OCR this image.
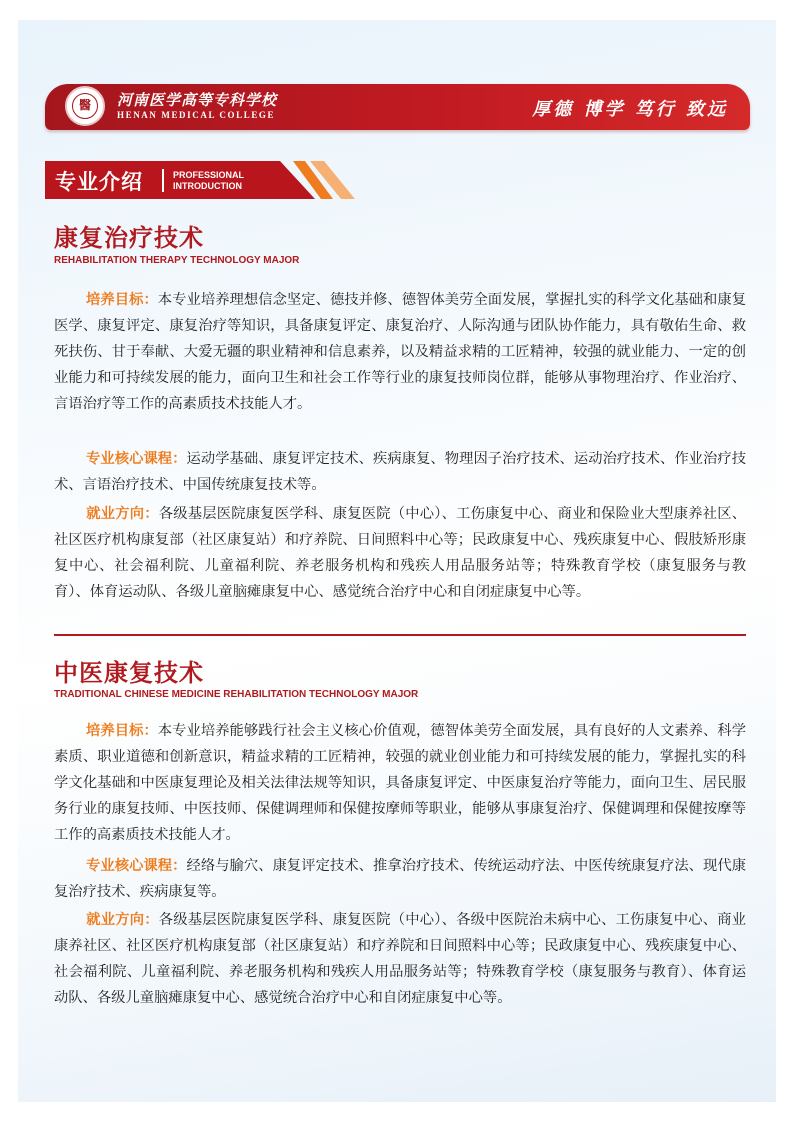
醫	河南医学高等专科学校
HENAN MEDICAL COLLEGE	厚德 博学 笃行 致远
专业介绍	PROFESSIONAL
INTRODUCTION
康复治疗技术
REHABILITATION THERAPY TECHNOLOGY MAJOR
培养目标：本专业培养理想信念坚定、德技并修、德智体美劳全面发展，掌握扎实的科学文化基础和康复医学、康复评定、康复治疗等知识，具备康复评定、康复治疗、人际沟通与团队协作能力，具有敬佑生命、救死扶伤、甘于奉献、大爱无疆的职业精神和信息素养，以及精益求精的工匠精神，较强的就业能力、一定的创业能力和可持续发展的能力，面向卫生和社会工作等行业的康复技师岗位群，能够从事物理治疗、作业治疗、言语治疗等工作的高素质技术技能人才。
专业核心课程：运动学基础、康复评定技术、疾病康复、物理因子治疗技术、运动治疗技术、作业治疗技术、言语治疗技术、中国传统康复技术等。
就业方向：各级基层医院康复医学科、康复医院（中心）、工伤康复中心、商业和保险业大型康养社区、社区医疗机构康复部（社区康复站）和疗养院、日间照料中心等；民政康复中心、残疾康复中心、假肢矫形康复中心、社会福利院、儿童福利院、养老服务机构和残疾人用品服务站等；特殊教育学校（康复服务与教育）、体育运动队、各级儿童脑瘫康复中心、感觉统合治疗中心和自闭症康复中心等。
中医康复技术
TRADITIONAL CHINESE MEDICINE REHABILITATION TECHNOLOGY MAJOR
培养目标：本专业培养能够践行社会主义核心价值观，德智体美劳全面发展，具有良好的人文素养、科学素质、职业道德和创新意识，精益求精的工匠精神，较强的就业创业能力和可持续发展的能力，掌握扎实的科学文化基础和中医康复理论及相关法律法规等知识，具备康复评定、中医康复治疗等能力，面向卫生、居民服务行业的康复技师、中医技师、保健调理师和保健按摩师等职业，能够从事康复治疗、保健调理和保健按摩等工作的高素质技术技能人才。
专业核心课程：经络与腧穴、康复评定技术、推拿治疗技术、传统运动疗法、中医传统康复疗法、现代康复治疗技术、疾病康复等。
就业方向：各级基层医院康复医学科、康复医院（中心）、各级中医院治未病中心、工伤康复中心、商业康养社区、社区医疗机构康复部（社区康复站）和疗养院和日间照料中心等；民政康复中心、残疾康复中心、社会福利院、儿童福利院、养老服务机构和残疾人用品服务站等；特殊教育学校（康复服务与教育）、体育运动队、各级儿童脑瘫康复中心、感觉统合治疗中心和自闭症康复中心等。
